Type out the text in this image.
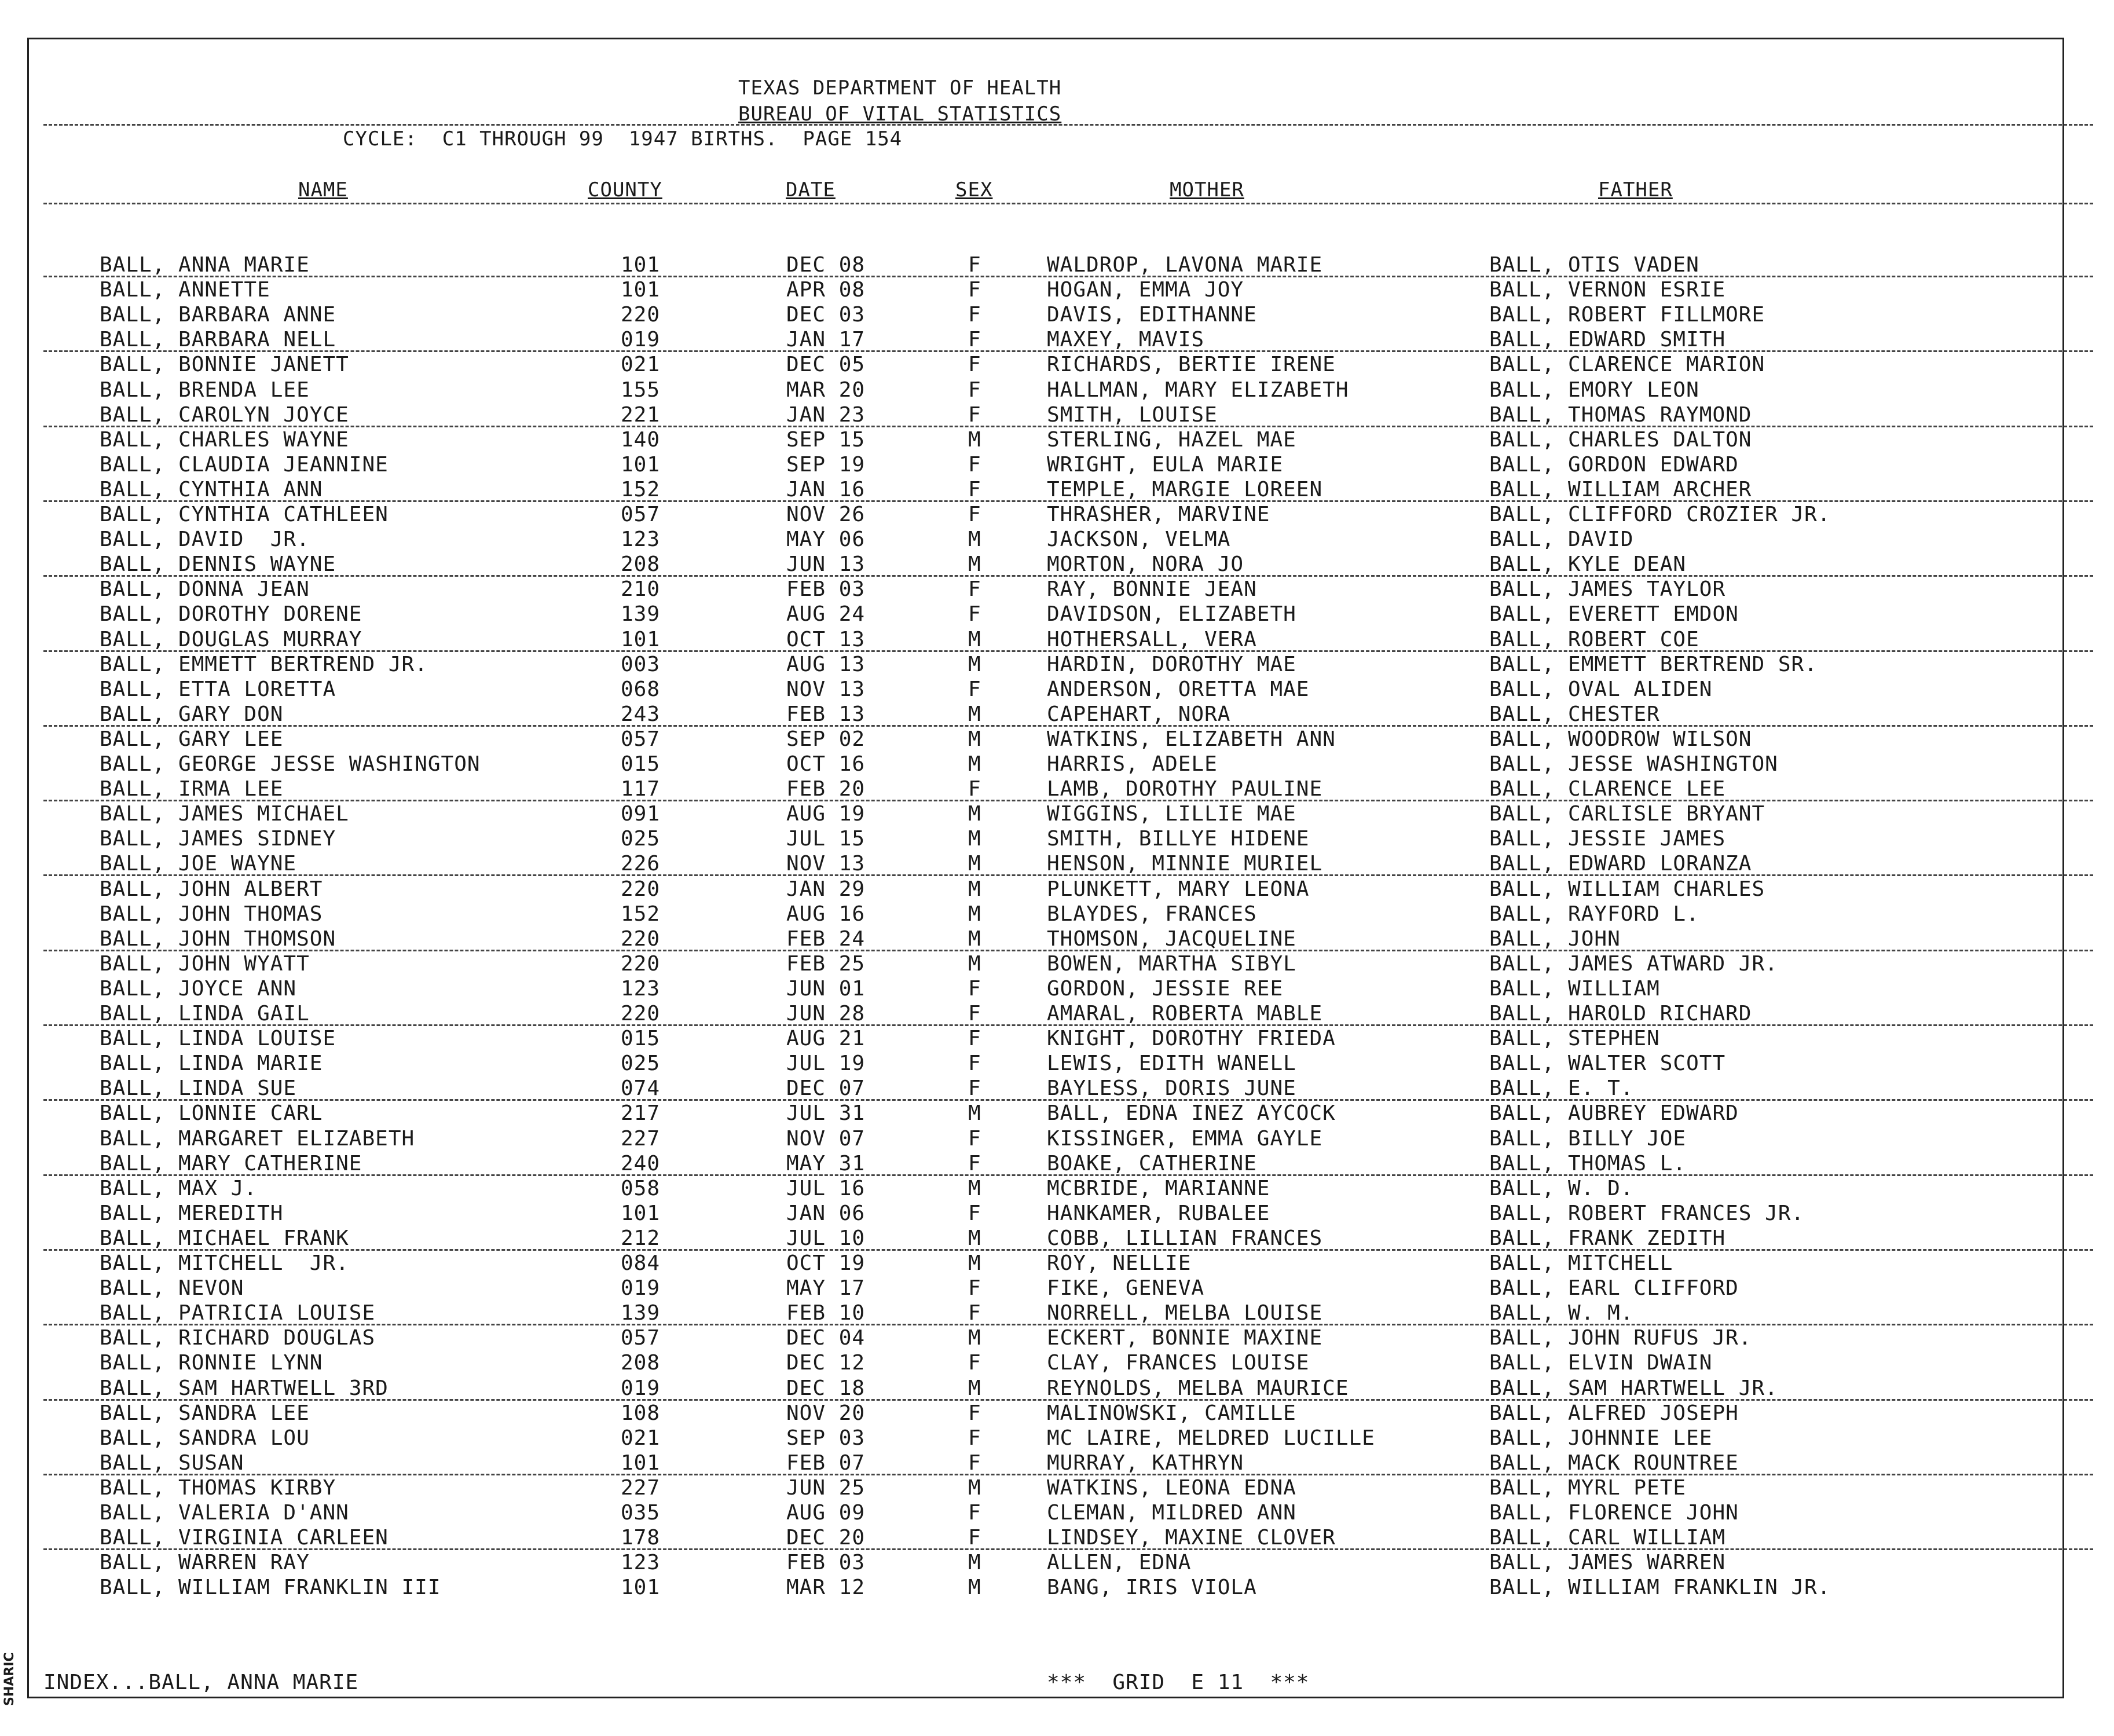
SHARIC
TEXAS DEPARTMENT OF HEALTH
BUREAU OF VITAL STATISTICS
CYCLE:  C1 THROUGH 99  1947 BIRTHS.  PAGE 154
NAME	COUNTY	DATE	SEX	MOTHER	FATHER
BALL, ANNA MARIE	101	DEC 08	F	WALDROP, LAVONA MARIE	BALL, OTIS VADEN
BALL, ANNETTE	101	APR 08	F	HOGAN, EMMA JOY	BALL, VERNON ESRIE
BALL, BARBARA ANNE	220	DEC 03	F	DAVIS, EDITHANNE	BALL, ROBERT FILLMORE
BALL, BARBARA NELL	019	JAN 17	F	MAXEY, MAVIS	BALL, EDWARD SMITH
BALL, BONNIE JANETT	021	DEC 05	F	RICHARDS, BERTIE IRENE	BALL, CLARENCE MARION
BALL, BRENDA LEE	155	MAR 20	F	HALLMAN, MARY ELIZABETH	BALL, EMORY LEON
BALL, CAROLYN JOYCE	221	JAN 23	F	SMITH, LOUISE	BALL, THOMAS RAYMOND
BALL, CHARLES WAYNE	140	SEP 15	M	STERLING, HAZEL MAE	BALL, CHARLES DALTON
BALL, CLAUDIA JEANNINE	101	SEP 19	F	WRIGHT, EULA MARIE	BALL, GORDON EDWARD
BALL, CYNTHIA ANN	152	JAN 16	F	TEMPLE, MARGIE LOREEN	BALL, WILLIAM ARCHER
BALL, CYNTHIA CATHLEEN	057	NOV 26	F	THRASHER, MARVINE	BALL, CLIFFORD CROZIER JR.
BALL, DAVID  JR.	123	MAY 06	M	JACKSON, VELMA	BALL, DAVID
BALL, DENNIS WAYNE	208	JUN 13	M	MORTON, NORA JO	BALL, KYLE DEAN
BALL, DONNA JEAN	210	FEB 03	F	RAY, BONNIE JEAN	BALL, JAMES TAYLOR
BALL, DOROTHY DORENE	139	AUG 24	F	DAVIDSON, ELIZABETH	BALL, EVERETT EMDON
BALL, DOUGLAS MURRAY	101	OCT 13	M	HOTHERSALL, VERA	BALL, ROBERT COE
BALL, EMMETT BERTREND JR.	003	AUG 13	M	HARDIN, DOROTHY MAE	BALL, EMMETT BERTREND SR.
BALL, ETTA LORETTA	068	NOV 13	F	ANDERSON, ORETTA MAE	BALL, OVAL ALIDEN
BALL, GARY DON	243	FEB 13	M	CAPEHART, NORA	BALL, CHESTER
BALL, GARY LEE	057	SEP 02	M	WATKINS, ELIZABETH ANN	BALL, WOODROW WILSON
BALL, GEORGE JESSE WASHINGTON	015	OCT 16	M	HARRIS, ADELE	BALL, JESSE WASHINGTON
BALL, IRMA LEE	117	FEB 20	F	LAMB, DOROTHY PAULINE	BALL, CLARENCE LEE
BALL, JAMES MICHAEL	091	AUG 19	M	WIGGINS, LILLIE MAE	BALL, CARLISLE BRYANT
BALL, JAMES SIDNEY	025	JUL 15	M	SMITH, BILLYE HIDENE	BALL, JESSIE JAMES
BALL, JOE WAYNE	226	NOV 13	M	HENSON, MINNIE MURIEL	BALL, EDWARD LORANZA
BALL, JOHN ALBERT	220	JAN 29	M	PLUNKETT, MARY LEONA	BALL, WILLIAM CHARLES
BALL, JOHN THOMAS	152	AUG 16	M	BLAYDES, FRANCES	BALL, RAYFORD L.
BALL, JOHN THOMSON	220	FEB 24	M	THOMSON, JACQUELINE	BALL, JOHN
BALL, JOHN WYATT	220	FEB 25	M	BOWEN, MARTHA SIBYL	BALL, JAMES ATWARD JR.
BALL, JOYCE ANN	123	JUN 01	F	GORDON, JESSIE REE	BALL, WILLIAM
BALL, LINDA GAIL	220	JUN 28	F	AMARAL, ROBERTA MABLE	BALL, HAROLD RICHARD
BALL, LINDA LOUISE	015	AUG 21	F	KNIGHT, DOROTHY FRIEDA	BALL, STEPHEN
BALL, LINDA MARIE	025	JUL 19	F	LEWIS, EDITH WANELL	BALL, WALTER SCOTT
BALL, LINDA SUE	074	DEC 07	F	BAYLESS, DORIS JUNE	BALL, E. T.
BALL, LONNIE CARL	217	JUL 31	M	BALL, EDNA INEZ AYCOCK	BALL, AUBREY EDWARD
BALL, MARGARET ELIZABETH	227	NOV 07	F	KISSINGER, EMMA GAYLE	BALL, BILLY JOE
BALL, MARY CATHERINE	240	MAY 31	F	BOAKE, CATHERINE	BALL, THOMAS L.
BALL, MAX J.	058	JUL 16	M	MCBRIDE, MARIANNE	BALL, W. D.
BALL, MEREDITH	101	JAN 06	F	HANKAMER, RUBALEE	BALL, ROBERT FRANCES JR.
BALL, MICHAEL FRANK	212	JUL 10	M	COBB, LILLIAN FRANCES	BALL, FRANK ZEDITH
BALL, MITCHELL  JR.	084	OCT 19	M	ROY, NELLIE	BALL, MITCHELL
BALL, NEVON	019	MAY 17	F	FIKE, GENEVA	BALL, EARL CLIFFORD
BALL, PATRICIA LOUISE	139	FEB 10	F	NORRELL, MELBA LOUISE	BALL, W. M.
BALL, RICHARD DOUGLAS	057	DEC 04	M	ECKERT, BONNIE MAXINE	BALL, JOHN RUFUS JR.
BALL, RONNIE LYNN	208	DEC 12	F	CLAY, FRANCES LOUISE	BALL, ELVIN DWAIN
BALL, SAM HARTWELL 3RD	019	DEC 18	M	REYNOLDS, MELBA MAURICE	BALL, SAM HARTWELL JR.
BALL, SANDRA LEE	108	NOV 20	F	MALINOWSKI, CAMILLE	BALL, ALFRED JOSEPH
BALL, SANDRA LOU	021	SEP 03	F	MC LAIRE, MELDRED LUCILLE	BALL, JOHNNIE LEE
BALL, SUSAN	101	FEB 07	F	MURRAY, KATHRYN	BALL, MACK ROUNTREE
BALL, THOMAS KIRBY	227	JUN 25	M	WATKINS, LEONA EDNA	BALL, MYRL PETE
BALL, VALERIA D'ANN	035	AUG 09	F	CLEMAN, MILDRED ANN	BALL, FLORENCE JOHN
BALL, VIRGINIA CARLEEN	178	DEC 20	F	LINDSEY, MAXINE CLOVER	BALL, CARL WILLIAM
BALL, WARREN RAY	123	FEB 03	M	ALLEN, EDNA	BALL, JAMES WARREN
BALL, WILLIAM FRANKLIN III	101	MAR 12	M	BANG, IRIS VIOLA	BALL, WILLIAM FRANKLIN JR.
INDEX...BALL, ANNA MARIE	***  GRID  E 11  ***
